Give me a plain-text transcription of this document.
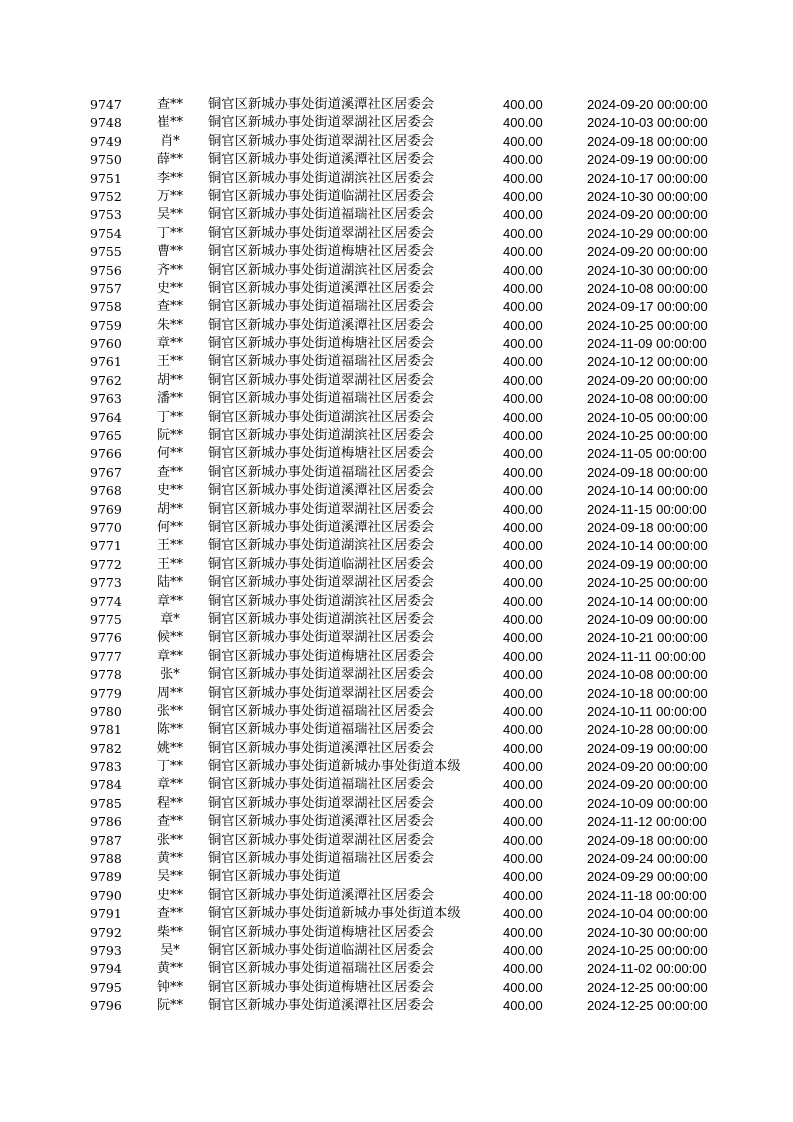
9747	查**	铜官区新城办事处街道溪潭社区居委会	400.00	2024-09-20 00:00:00
9748	崔**	铜官区新城办事处街道翠湖社区居委会	400.00	2024-10-03 00:00:00
9749	肖*	铜官区新城办事处街道翠湖社区居委会	400.00	2024-09-18 00:00:00
9750	薛**	铜官区新城办事处街道溪潭社区居委会	400.00	2024-09-19 00:00:00
9751	李**	铜官区新城办事处街道湖滨社区居委会	400.00	2024-10-17 00:00:00
9752	万**	铜官区新城办事处街道临湖社区居委会	400.00	2024-10-30 00:00:00
9753	吴**	铜官区新城办事处街道福瑞社区居委会	400.00	2024-09-20 00:00:00
9754	丁**	铜官区新城办事处街道翠湖社区居委会	400.00	2024-10-29 00:00:00
9755	曹**	铜官区新城办事处街道梅塘社区居委会	400.00	2024-09-20 00:00:00
9756	齐**	铜官区新城办事处街道湖滨社区居委会	400.00	2024-10-30 00:00:00
9757	史**	铜官区新城办事处街道溪潭社区居委会	400.00	2024-10-08 00:00:00
9758	查**	铜官区新城办事处街道福瑞社区居委会	400.00	2024-09-17 00:00:00
9759	朱**	铜官区新城办事处街道溪潭社区居委会	400.00	2024-10-25 00:00:00
9760	章**	铜官区新城办事处街道梅塘社区居委会	400.00	2024-11-09 00:00:00
9761	王**	铜官区新城办事处街道福瑞社区居委会	400.00	2024-10-12 00:00:00
9762	胡**	铜官区新城办事处街道翠湖社区居委会	400.00	2024-09-20 00:00:00
9763	潘**	铜官区新城办事处街道福瑞社区居委会	400.00	2024-10-08 00:00:00
9764	丁**	铜官区新城办事处街道湖滨社区居委会	400.00	2024-10-05 00:00:00
9765	阮**	铜官区新城办事处街道湖滨社区居委会	400.00	2024-10-25 00:00:00
9766	何**	铜官区新城办事处街道梅塘社区居委会	400.00	2024-11-05 00:00:00
9767	查**	铜官区新城办事处街道福瑞社区居委会	400.00	2024-09-18 00:00:00
9768	史**	铜官区新城办事处街道溪潭社区居委会	400.00	2024-10-14 00:00:00
9769	胡**	铜官区新城办事处街道翠湖社区居委会	400.00	2024-11-15 00:00:00
9770	何**	铜官区新城办事处街道溪潭社区居委会	400.00	2024-09-18 00:00:00
9771	王**	铜官区新城办事处街道湖滨社区居委会	400.00	2024-10-14 00:00:00
9772	王**	铜官区新城办事处街道临湖社区居委会	400.00	2024-09-19 00:00:00
9773	陆**	铜官区新城办事处街道翠湖社区居委会	400.00	2024-10-25 00:00:00
9774	章**	铜官区新城办事处街道湖滨社区居委会	400.00	2024-10-14 00:00:00
9775	章*	铜官区新城办事处街道湖滨社区居委会	400.00	2024-10-09 00:00:00
9776	候**	铜官区新城办事处街道翠湖社区居委会	400.00	2024-10-21 00:00:00
9777	章**	铜官区新城办事处街道梅塘社区居委会	400.00	2024-11-11 00:00:00
9778	张*	铜官区新城办事处街道翠湖社区居委会	400.00	2024-10-08 00:00:00
9779	周**	铜官区新城办事处街道翠湖社区居委会	400.00	2024-10-18 00:00:00
9780	张**	铜官区新城办事处街道福瑞社区居委会	400.00	2024-10-11 00:00:00
9781	陈**	铜官区新城办事处街道福瑞社区居委会	400.00	2024-10-28 00:00:00
9782	姚**	铜官区新城办事处街道溪潭社区居委会	400.00	2024-09-19 00:00:00
9783	丁**	铜官区新城办事处街道新城办事处街道本级	400.00	2024-09-20 00:00:00
9784	章**	铜官区新城办事处街道福瑞社区居委会	400.00	2024-09-20 00:00:00
9785	程**	铜官区新城办事处街道翠湖社区居委会	400.00	2024-10-09 00:00:00
9786	查**	铜官区新城办事处街道溪潭社区居委会	400.00	2024-11-12 00:00:00
9787	张**	铜官区新城办事处街道翠湖社区居委会	400.00	2024-09-18 00:00:00
9788	黄**	铜官区新城办事处街道福瑞社区居委会	400.00	2024-09-24 00:00:00
9789	吴**	铜官区新城办事处街道	400.00	2024-09-29 00:00:00
9790	史**	铜官区新城办事处街道溪潭社区居委会	400.00	2024-11-18 00:00:00
9791	查**	铜官区新城办事处街道新城办事处街道本级	400.00	2024-10-04 00:00:00
9792	柴**	铜官区新城办事处街道梅塘社区居委会	400.00	2024-10-30 00:00:00
9793	吴*	铜官区新城办事处街道临湖社区居委会	400.00	2024-10-25 00:00:00
9794	黄**	铜官区新城办事处街道福瑞社区居委会	400.00	2024-11-02 00:00:00
9795	钟**	铜官区新城办事处街道梅塘社区居委会	400.00	2024-12-25 00:00:00
9796	阮**	铜官区新城办事处街道溪潭社区居委会	400.00	2024-12-25 00:00:00
